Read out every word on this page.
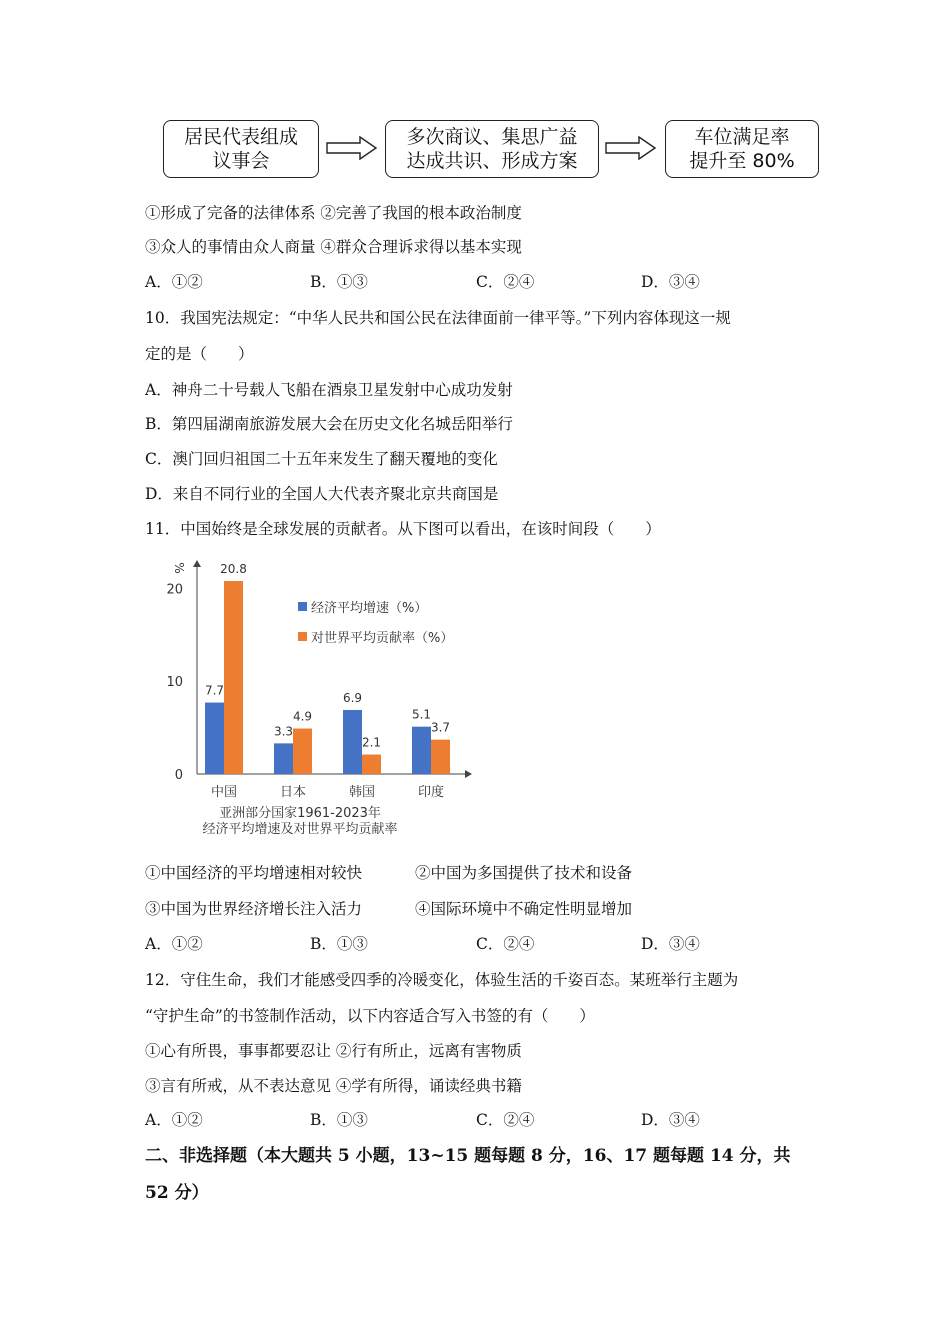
居民代表组成
议事会
多次商议、集思广益
达成共识、形成方案
车位满足率
提升至 80%
①形成了完备的法律体系 ②完善了我国的根本政治制度
③众人的事情由众人商量 ④群众合理诉求得以基本实现
A．①②	B．①③	C．②④	D．③④
10．我国宪法规定：“中华人民共和国公民在法律面前一律平等。”下列内容体现这一规
定的是（　　）
A．神舟二十号载人飞船在酒泉卫星发射中心成功发射
B．第四届湖南旅游发展大会在历史文化名城岳阳举行
C．澳门回归祖国二十五年来发生了翻天覆地的变化
D．来自不同行业的全国人大代表齐聚北京共商国是
11．中国始终是全球发展的贡献者。从下图可以看出，在该时间段（　　）
%
0
10
20
7.7
20.8
中国
3.3
4.9
日本
6.9
2.1
韩国
5.1
3.7
印度
经济平均增速（%）
对世界平均贡献率（%）
亚洲部分国家1961-2023年
经济平均增速及对世界平均贡献率
①中国经济的平均增速相对较快	②中国为多国提供了技术和设备
③中国为世界经济增长注入活力	④国际环境中不确定性明显增加
A．①②	B．①③	C．②④	D．③④
12．守住生命，我们才能感受四季的冷暖变化，体验生活的千姿百态。某班举行主题为
“守护生命”的书签制作活动，以下内容适合写入书签的有（　　）
①心有所畏，事事都要忍让 ②行有所止，远离有害物质
③言有所戒，从不表达意见 ④学有所得，诵读经典书籍
A．①②	B．①③	C．②④	D．③④
二、非选择题（本大题共 5 小题，13~15 题每题 8 分，16、17 题每题 14 分，共
52 分）
